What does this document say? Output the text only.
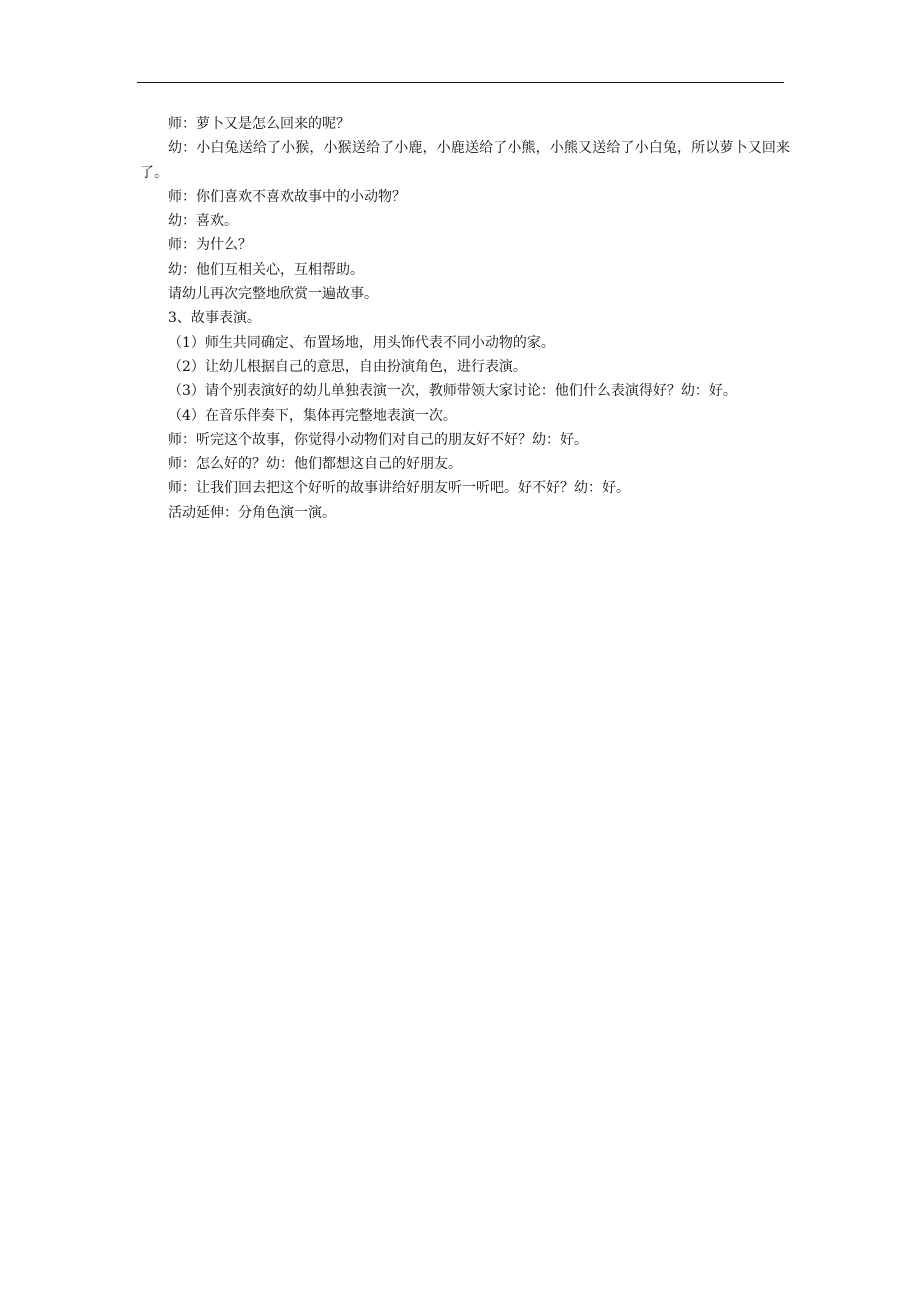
师：萝卜又是怎么回来的呢？

幼：小白兔送给了小猴，小猴送给了小鹿，小鹿送给了小熊，小熊又送给了小白兔，所以萝卜又回来了。

师：你们喜欢不喜欢故事中的小动物？

幼：喜欢。

师：为什么？

幼：他们互相关心，互相帮助。

请幼儿再次完整地欣赏一遍故事。

3、故事表演。

（1）师生共同确定、布置场地，用头饰代表不同小动物的家。

（2）让幼儿根据自己的意思，自由扮演角色，进行表演。

（3）请个别表演好的幼儿单独表演一次，教师带领大家讨论：他们什么表演得好？幼：好。

（4）在音乐伴奏下，集体再完整地表演一次。

师：听完这个故事，你觉得小动物们对自己的朋友好不好？幼：好。

师：怎么好的？幼：他们都想这自己的好朋友。

师：让我们回去把这个好听的故事讲给好朋友听一听吧。好不好？幼：好。

活动延伸：分角色演一演。
